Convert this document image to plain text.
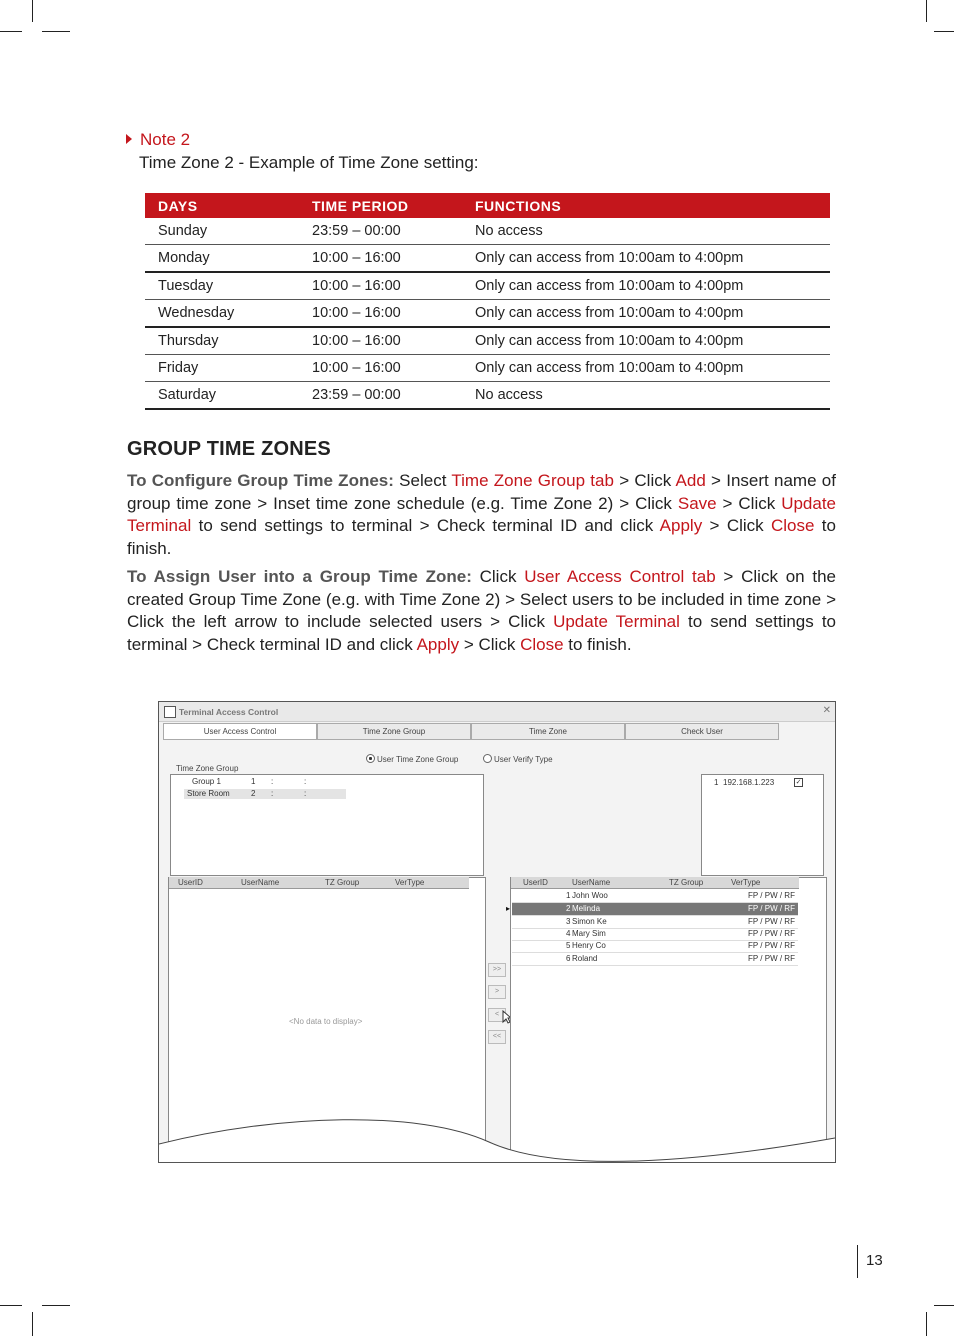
Note 2
Time Zone 2 - Example of Time Zone setting:
DAYS	TIME PERIOD	FUNCTIONS
Sunday	23:59 – 00:00	No access
Monday	10:00 – 16:00	Only can access from 10:00am to 4:00pm
Tuesday	10:00 – 16:00	Only can access from 10:00am to 4:00pm
Wednesday	10:00 – 16:00	Only can access from 10:00am to 4:00pm
Thursday	10:00 – 16:00	Only can access from 10:00am to 4:00pm
Friday	10:00 – 16:00	Only can access from 10:00am to 4:00pm
Saturday	23:59 – 00:00	No access
GROUP TIME ZONES
To Configure Group Time Zones: Select Time Zone Group tab > Click Add > Insert name of group time zone > Inset time zone schedule (e.g. Time Zone 2) > Click Save > Click Update Terminal to send settings to terminal > Check terminal ID and click Apply > Click Close to finish.
To Assign User into a Group Time Zone: Click User Access Control tab > Click on the created Group Time Zone (e.g. with Time Zone 2) > Select users to be included in time zone > Click the left arrow to include selected users > Click Update Terminal to send settings to terminal > Check terminal ID and click Apply > Click Close to finish.
Terminal Access Control	✕
User Access Control	Time Zone Group	Time Zone	Check User
User Time Zone Group	User Verify Type
Group 1	1 :	:
Store Room	2 :	:
Time Zone Group
1 192.168.1.223	✓
UserID	UserName	TZ Group	VerType
<No data to display>
>>
>
<
<<
UserID	UserName	TZ Group	VerType
1 John Woo	FP / PW / RF
▸	2 Melinda	FP / PW / RF
3 Simon Ke	FP / PW / RF
4 Mary Sim	FP / PW / RF
5 Henry Co	FP / PW / RF
6 Roland	FP / PW / RF
13
